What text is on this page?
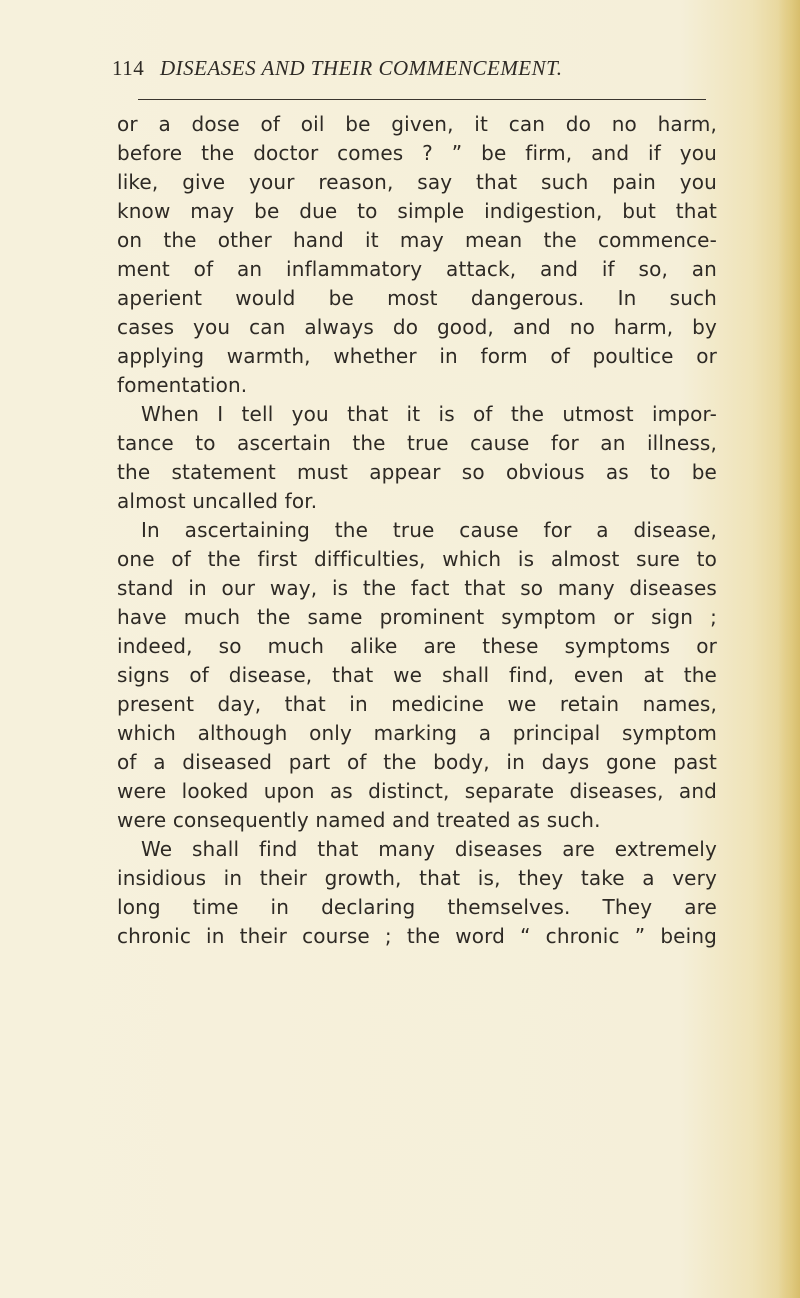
114 DISEASES AND THEIR COMMENCEMENT.
or a dose of oil be given, it can do no harm,
before the doctor comes ? ” be firm, and if you
like, give your reason, say that such pain you
know may be due to simple indigestion, but that
on the other hand it may mean the commence-
ment of an inflammatory attack, and if so, an
aperient would be most dangerous. In such
cases you can always do good, and no harm, by
applying warmth, whether in form of poultice or
fomentation.
When I tell you that it is of the utmost impor-
tance to ascertain the true cause for an illness,
the statement must appear so obvious as to be
almost uncalled for.
In ascertaining the true cause for a disease,
one of the first difficulties, which is almost sure to
stand in our way, is the fact that so many diseases
have much the same prominent symptom or sign ;
indeed, so much alike are these symptoms or
signs of disease, that we shall find, even at the
present day, that in medicine we retain names,
which although only marking a principal symptom
of a diseased part of the body, in days gone past
were looked upon as distinct, separate diseases, and
were consequently named and treated as such.
We shall find that many diseases are extremely
insidious in their growth, that is, they take a very
long time in declaring themselves. They are
chronic in their course ; the word “ chronic ” being
